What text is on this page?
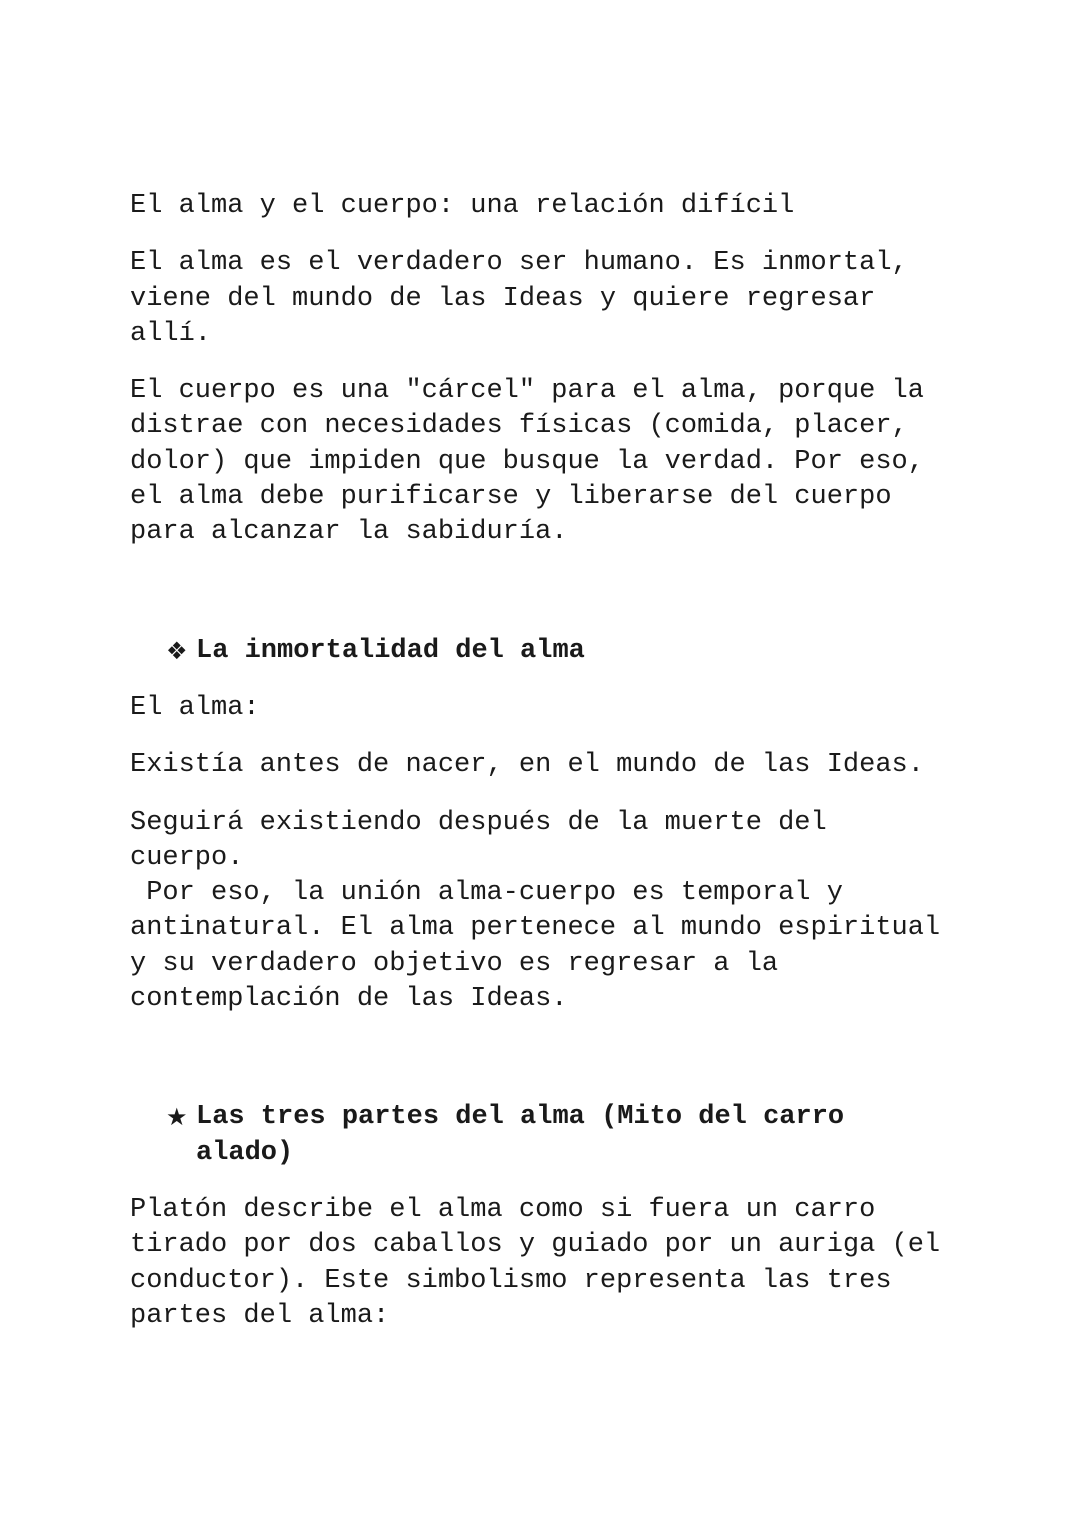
El alma y el cuerpo: una relación difícil

El alma es el verdadero ser humano. Es inmortal,
viene del mundo de las Ideas y quiere regresar
allí.

El cuerpo es una "cárcel" para el alma, porque la
distrae con necesidades físicas (comida, placer,
dolor) que impiden que busque la verdad. Por eso,
el alma debe purificarse y liberarse del cuerpo
para alcanzar la sabiduría.

❖ La inmortalidad del alma

El alma:

Existía antes de nacer, en el mundo de las Ideas.

Seguirá existiendo después de la muerte del
cuerpo.
Por eso, la unión alma-cuerpo es temporal y
antinatural. El alma pertenece al mundo espiritual
y su verdadero objetivo es regresar a la
contemplación de las Ideas.

★ Las tres partes del alma (Mito del carro
alado)

Platón describe el alma como si fuera un carro
tirado por dos caballos y guiado por un auriga (el
conductor). Este simbolismo representa las tres
partes del alma:
